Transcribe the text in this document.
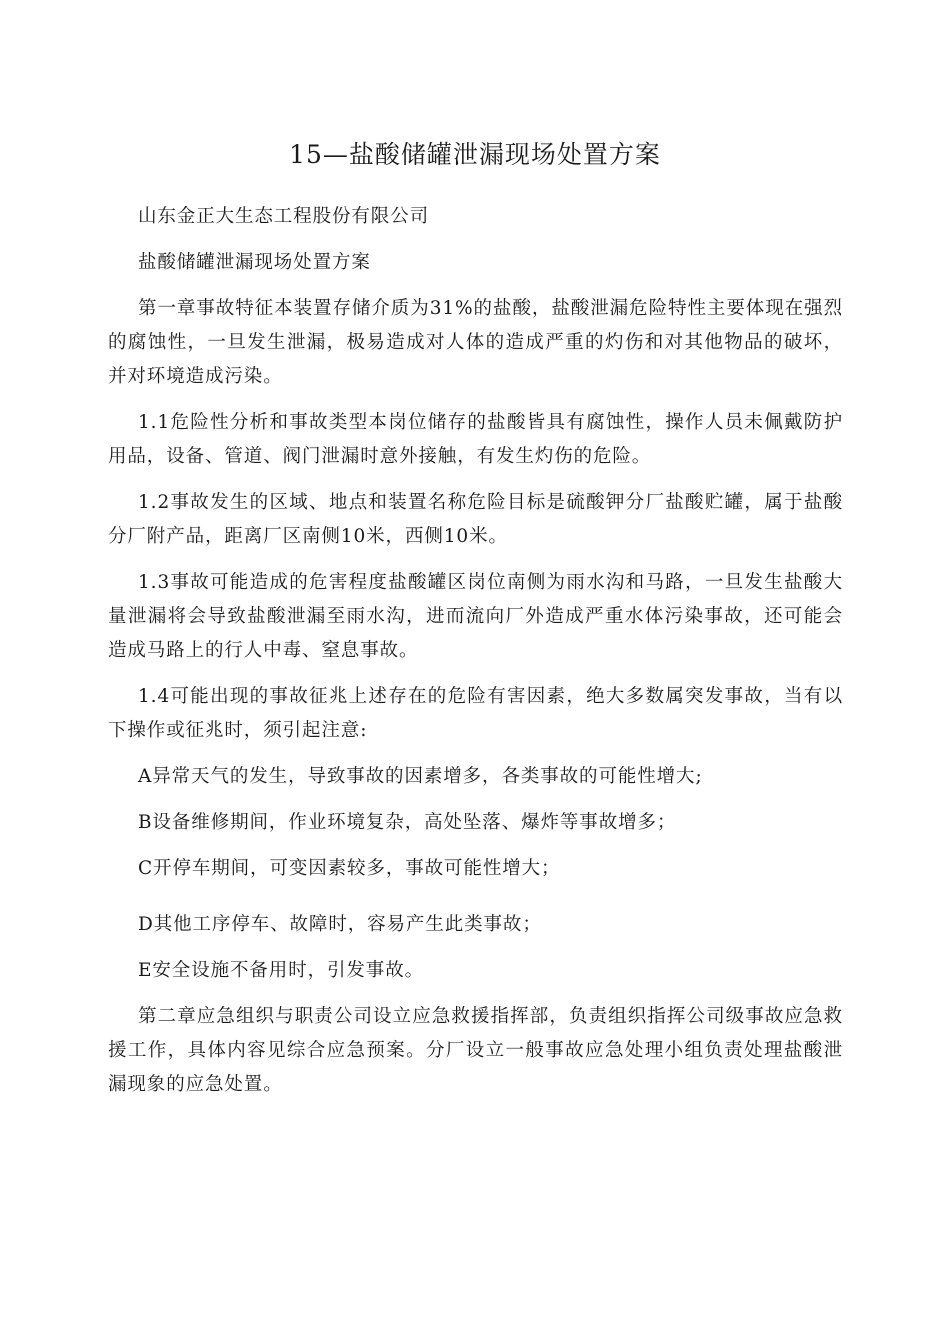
15—盐酸储罐泄漏现场处置方案

山东金正大生态工程股份有限公司

盐酸储罐泄漏现场处置方案

第一章事故特征本装置存储介质为31%的盐酸，盐酸泄漏危险特性主要体现在强烈的腐蚀性，一旦发生泄漏，极易造成对人体的造成严重的灼伤和对其他物品的破坏，并对环境造成污染。

1.1危险性分析和事故类型本岗位储存的盐酸皆具有腐蚀性，操作人员未佩戴防护用品，设备、管道、阀门泄漏时意外接触，有发生灼伤的危险。

1.2事故发生的区域、地点和装置名称危险目标是硫酸钾分厂盐酸贮罐，属于盐酸分厂附产品，距离厂区南侧10米，西侧10米。

1.3事故可能造成的危害程度盐酸罐区岗位南侧为雨水沟和马路，一旦发生盐酸大量泄漏将会导致盐酸泄漏至雨水沟，进而流向厂外造成严重水体污染事故，还可能会造成马路上的行人中毒、窒息事故。

1.4可能出现的事故征兆上述存在的危险有害因素，绝大多数属突发事故，当有以下操作或征兆时，须引起注意:

A异常天气的发生，导致事故的因素增多，各类事故的可能性增大;

B设备维修期间，作业环境复杂，高处坠落、爆炸等事故增多；

C开停车期间，可变因素较多，事故可能性增大；

D其他工序停车、故障时，容易产生此类事故；

E安全设施不备用时，引发事故。

第二章应急组织与职责公司设立应急救援指挥部，负责组织指挥公司级事故应急救援工作，具体内容见综合应急预案。分厂设立一般事故应急处理小组负责处理盐酸泄漏现象的应急处置。
